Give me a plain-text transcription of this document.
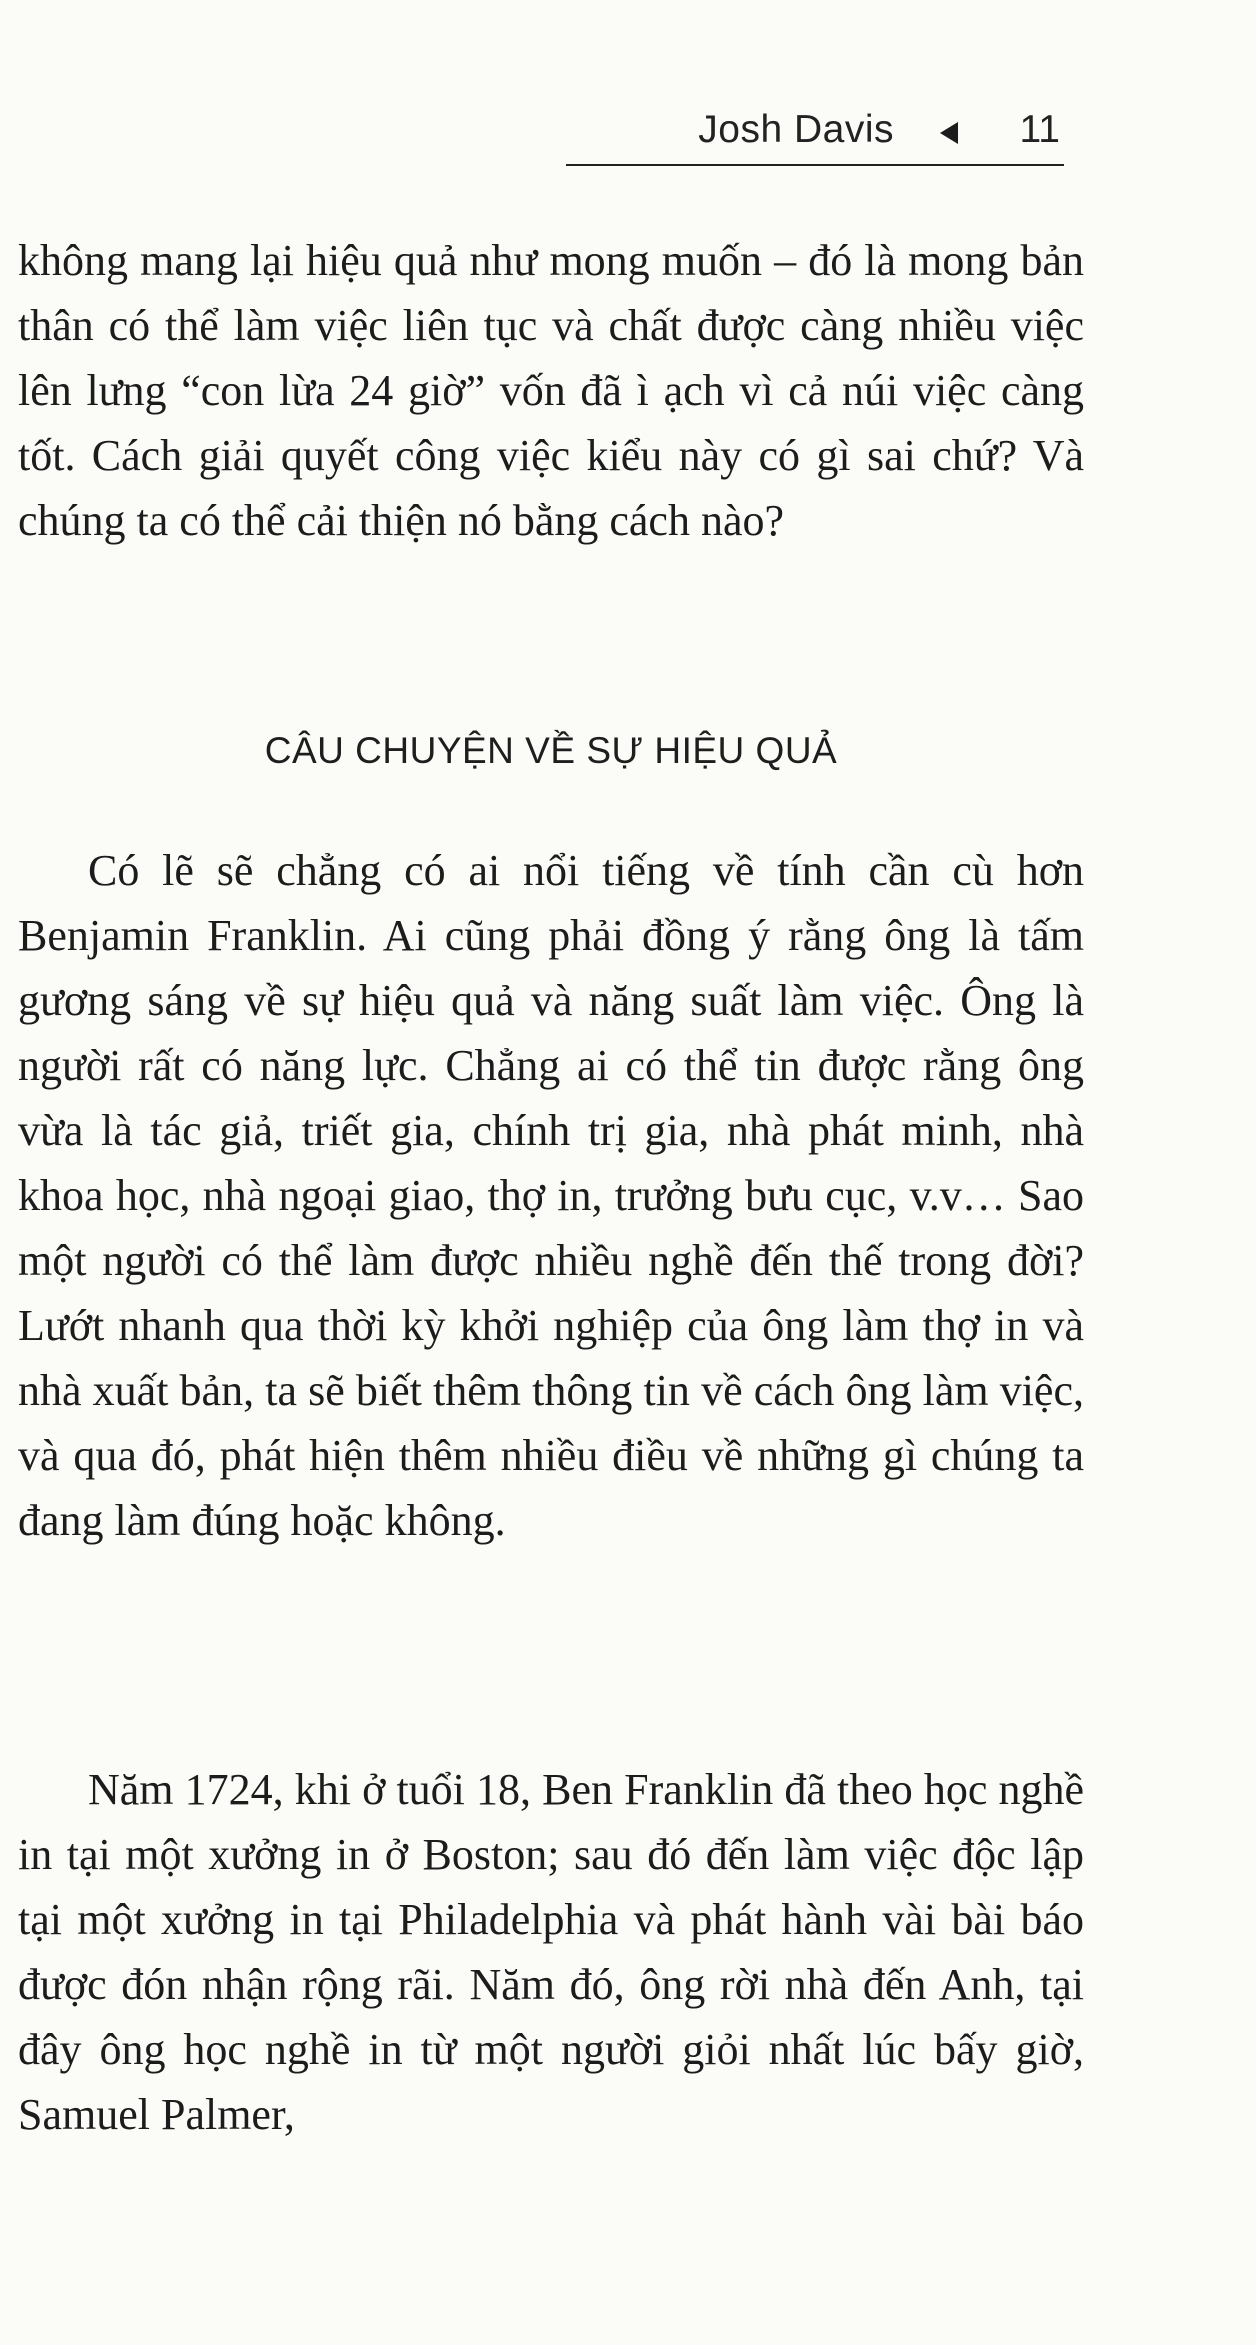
Josh Davis	11

không mang lại hiệu quả như mong muốn – đó là mong bản thân có thể làm việc liên tục và chất được càng nhiều việc lên lưng “con lừa 24 giờ” vốn đã ì ạch vì cả núi việc càng tốt. Cách giải quyết công việc kiểu này có gì sai chứ? Và chúng ta có thể cải thiện nó bằng cách nào?

CÂU CHUYỆN VỀ SỰ HIỆU QUẢ

Có lẽ sẽ chẳng có ai nổi tiếng về tính cần cù hơn Benjamin Franklin. Ai cũng phải đồng ý rằng ông là tấm gương sáng về sự hiệu quả và năng suất làm việc. Ông là người rất có năng lực. Chẳng ai có thể tin được rằng ông vừa là tác giả, triết gia, chính trị gia, nhà phát minh, nhà khoa học, nhà ngoại giao, thợ in, trưởng bưu cục, v.v… Sao một người có thể làm được nhiều nghề đến thế trong đời? Lướt nhanh qua thời kỳ khởi nghiệp của ông làm thợ in và nhà xuất bản, ta sẽ biết thêm thông tin về cách ông làm việc, và qua đó, phát hiện thêm nhiều điều về những gì chúng ta đang làm đúng hoặc không.

Năm 1724, khi ở tuổi 18, Ben Franklin đã theo học nghề in tại một xưởng in ở Boston; sau đó đến làm việc độc lập tại một xưởng in tại Philadelphia và phát hành vài bài báo được đón nhận rộng rãi. Năm đó, ông rời nhà đến Anh, tại đây ông học nghề in từ một người giỏi nhất lúc bấy giờ, Samuel Palmer,
